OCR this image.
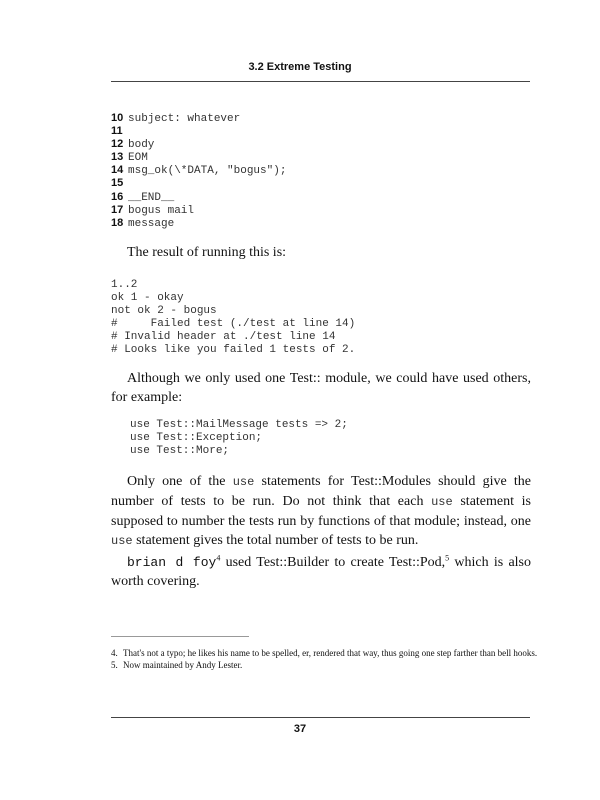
3.2 Extreme Testing
10 subject: whatever
11
12 body
13 EOM
14 msg_ok(\*DATA, "bogus");
15
16 __END__
17 bogus mail
18 message

The result of running this is:

1..2
ok 1 - okay
not ok 2 - bogus
#     Failed test (./test at line 14)
# Invalid header at ./test line 14
# Looks like you failed 1 tests of 2.

Although we only used one Test:: module, we could have used others, for example:

use Test::MailMessage tests => 2;
use Test::Exception;
use Test::More;

Only one of the use statements for Test::Modules should give the number of tests to be run. Do not think that each use statement is supposed to number the tests run by functions of that module; instead, one use statement gives the total number of tests to be run.

brian d foy$^4$ used Test::Builder to create Test::Pod,$^5$ which is also worth covering.

4. That's not a typo; he likes his name to be spelled, er, rendered that way, thus going one step farther than bell hooks.
5. Now maintained by Andy Lester.
37
